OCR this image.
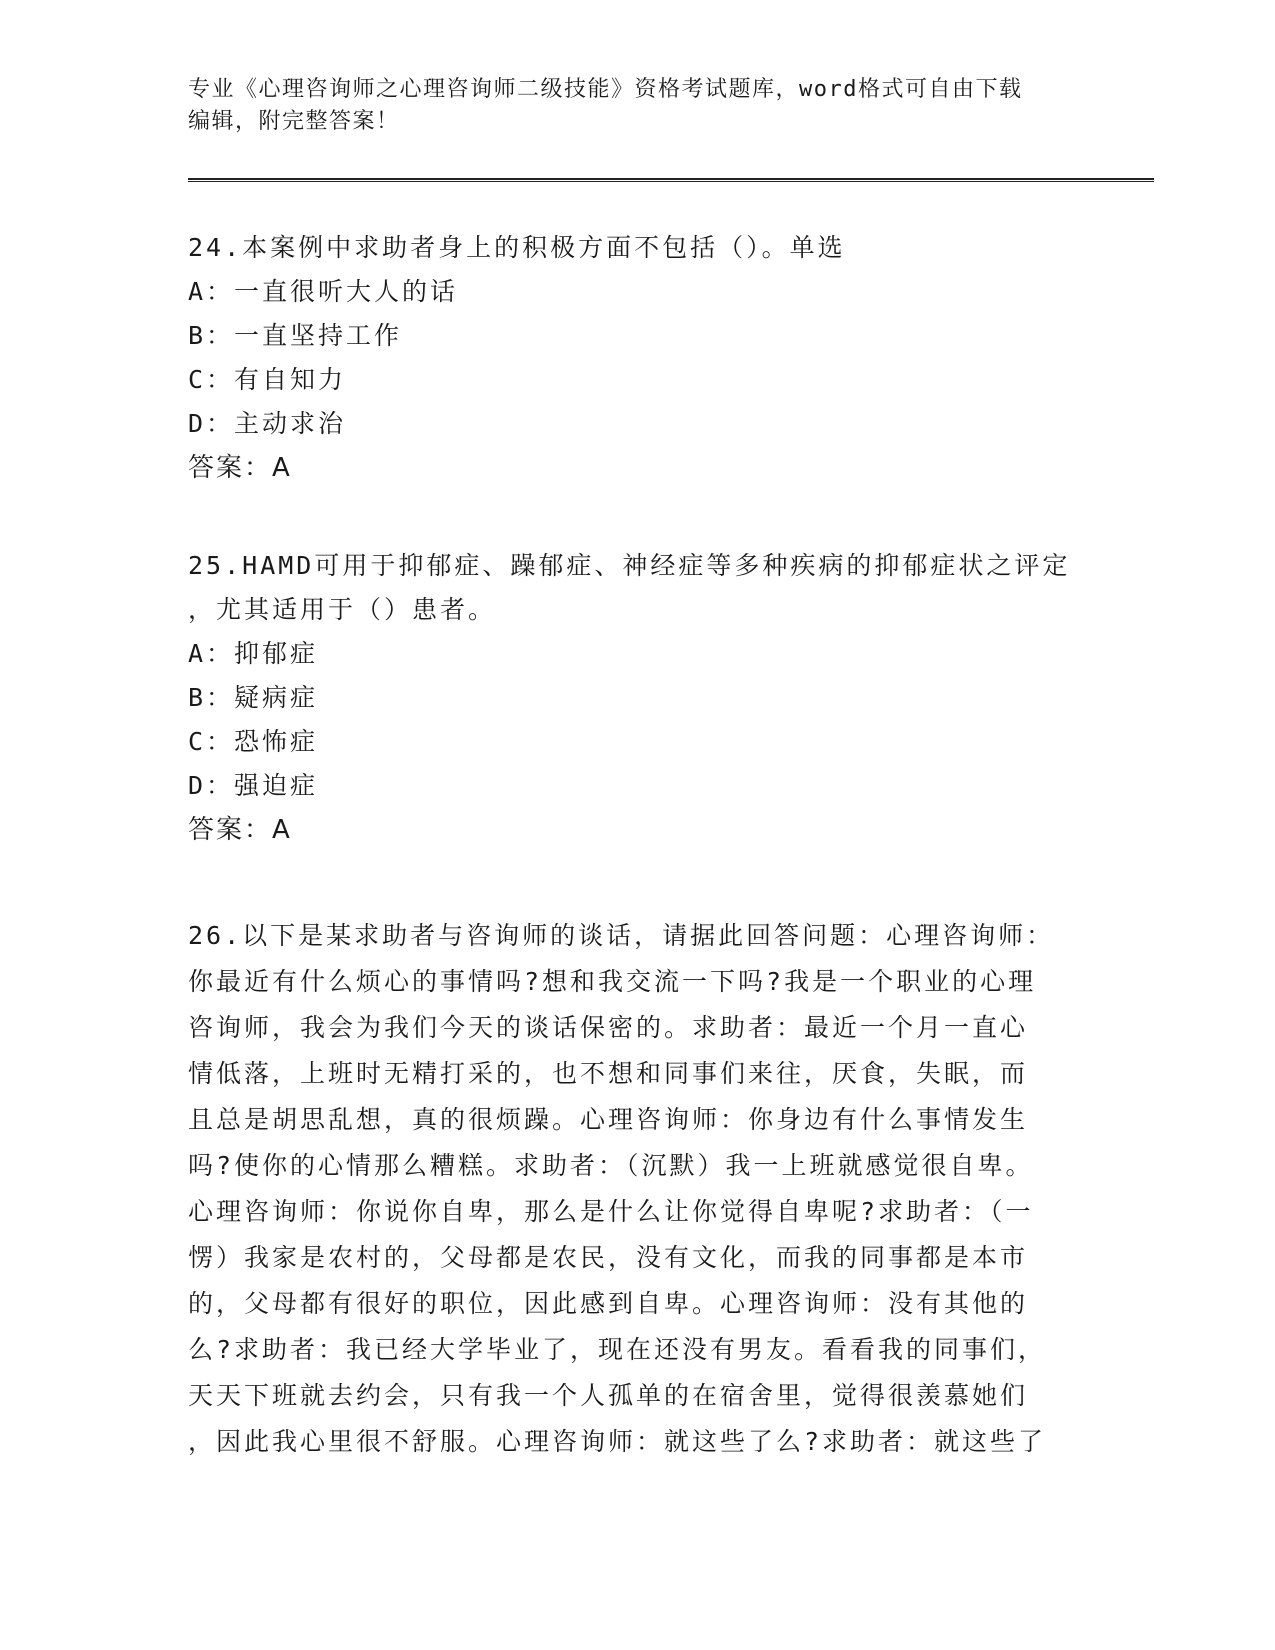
专业《心理咨询师之心理咨询师二级技能》资格考试题库，word格式可自由下载
编辑，附完整答案！
24.本案例中求助者身上的积极方面不包括（）。单选
A：一直很听大人的话
B：一直坚持工作
C：有自知力
D：主动求治
答案：A
25.HAMD可用于抑郁症、躁郁症、神经症等多种疾病的抑郁症状之评定
，尤其适用于（）患者。
A：抑郁症
B：疑病症
C：恐怖症
D：强迫症
答案：A
26.以下是某求助者与咨询师的谈话，请据此回答问题：心理咨询师：
你最近有什么烦心的事情吗?想和我交流一下吗?我是一个职业的心理
咨询师，我会为我们今天的谈话保密的。求助者：最近一个月一直心
情低落，上班时无精打采的，也不想和同事们来往，厌食，失眠，而
且总是胡思乱想，真的很烦躁。心理咨询师：你身边有什么事情发生
吗?使你的心情那么糟糕。求助者：（沉默）我一上班就感觉很自卑。
心理咨询师：你说你自卑，那么是什么让你觉得自卑呢?求助者：（一
愣）我家是农村的，父母都是农民，没有文化，而我的同事都是本市
的，父母都有很好的职位，因此感到自卑。心理咨询师：没有其他的
么?求助者：我已经大学毕业了，现在还没有男友。看看我的同事们，
天天下班就去约会，只有我一个人孤单的在宿舍里，觉得很羡慕她们
，因此我心里很不舒服。心理咨询师：就这些了么?求助者：就这些了
